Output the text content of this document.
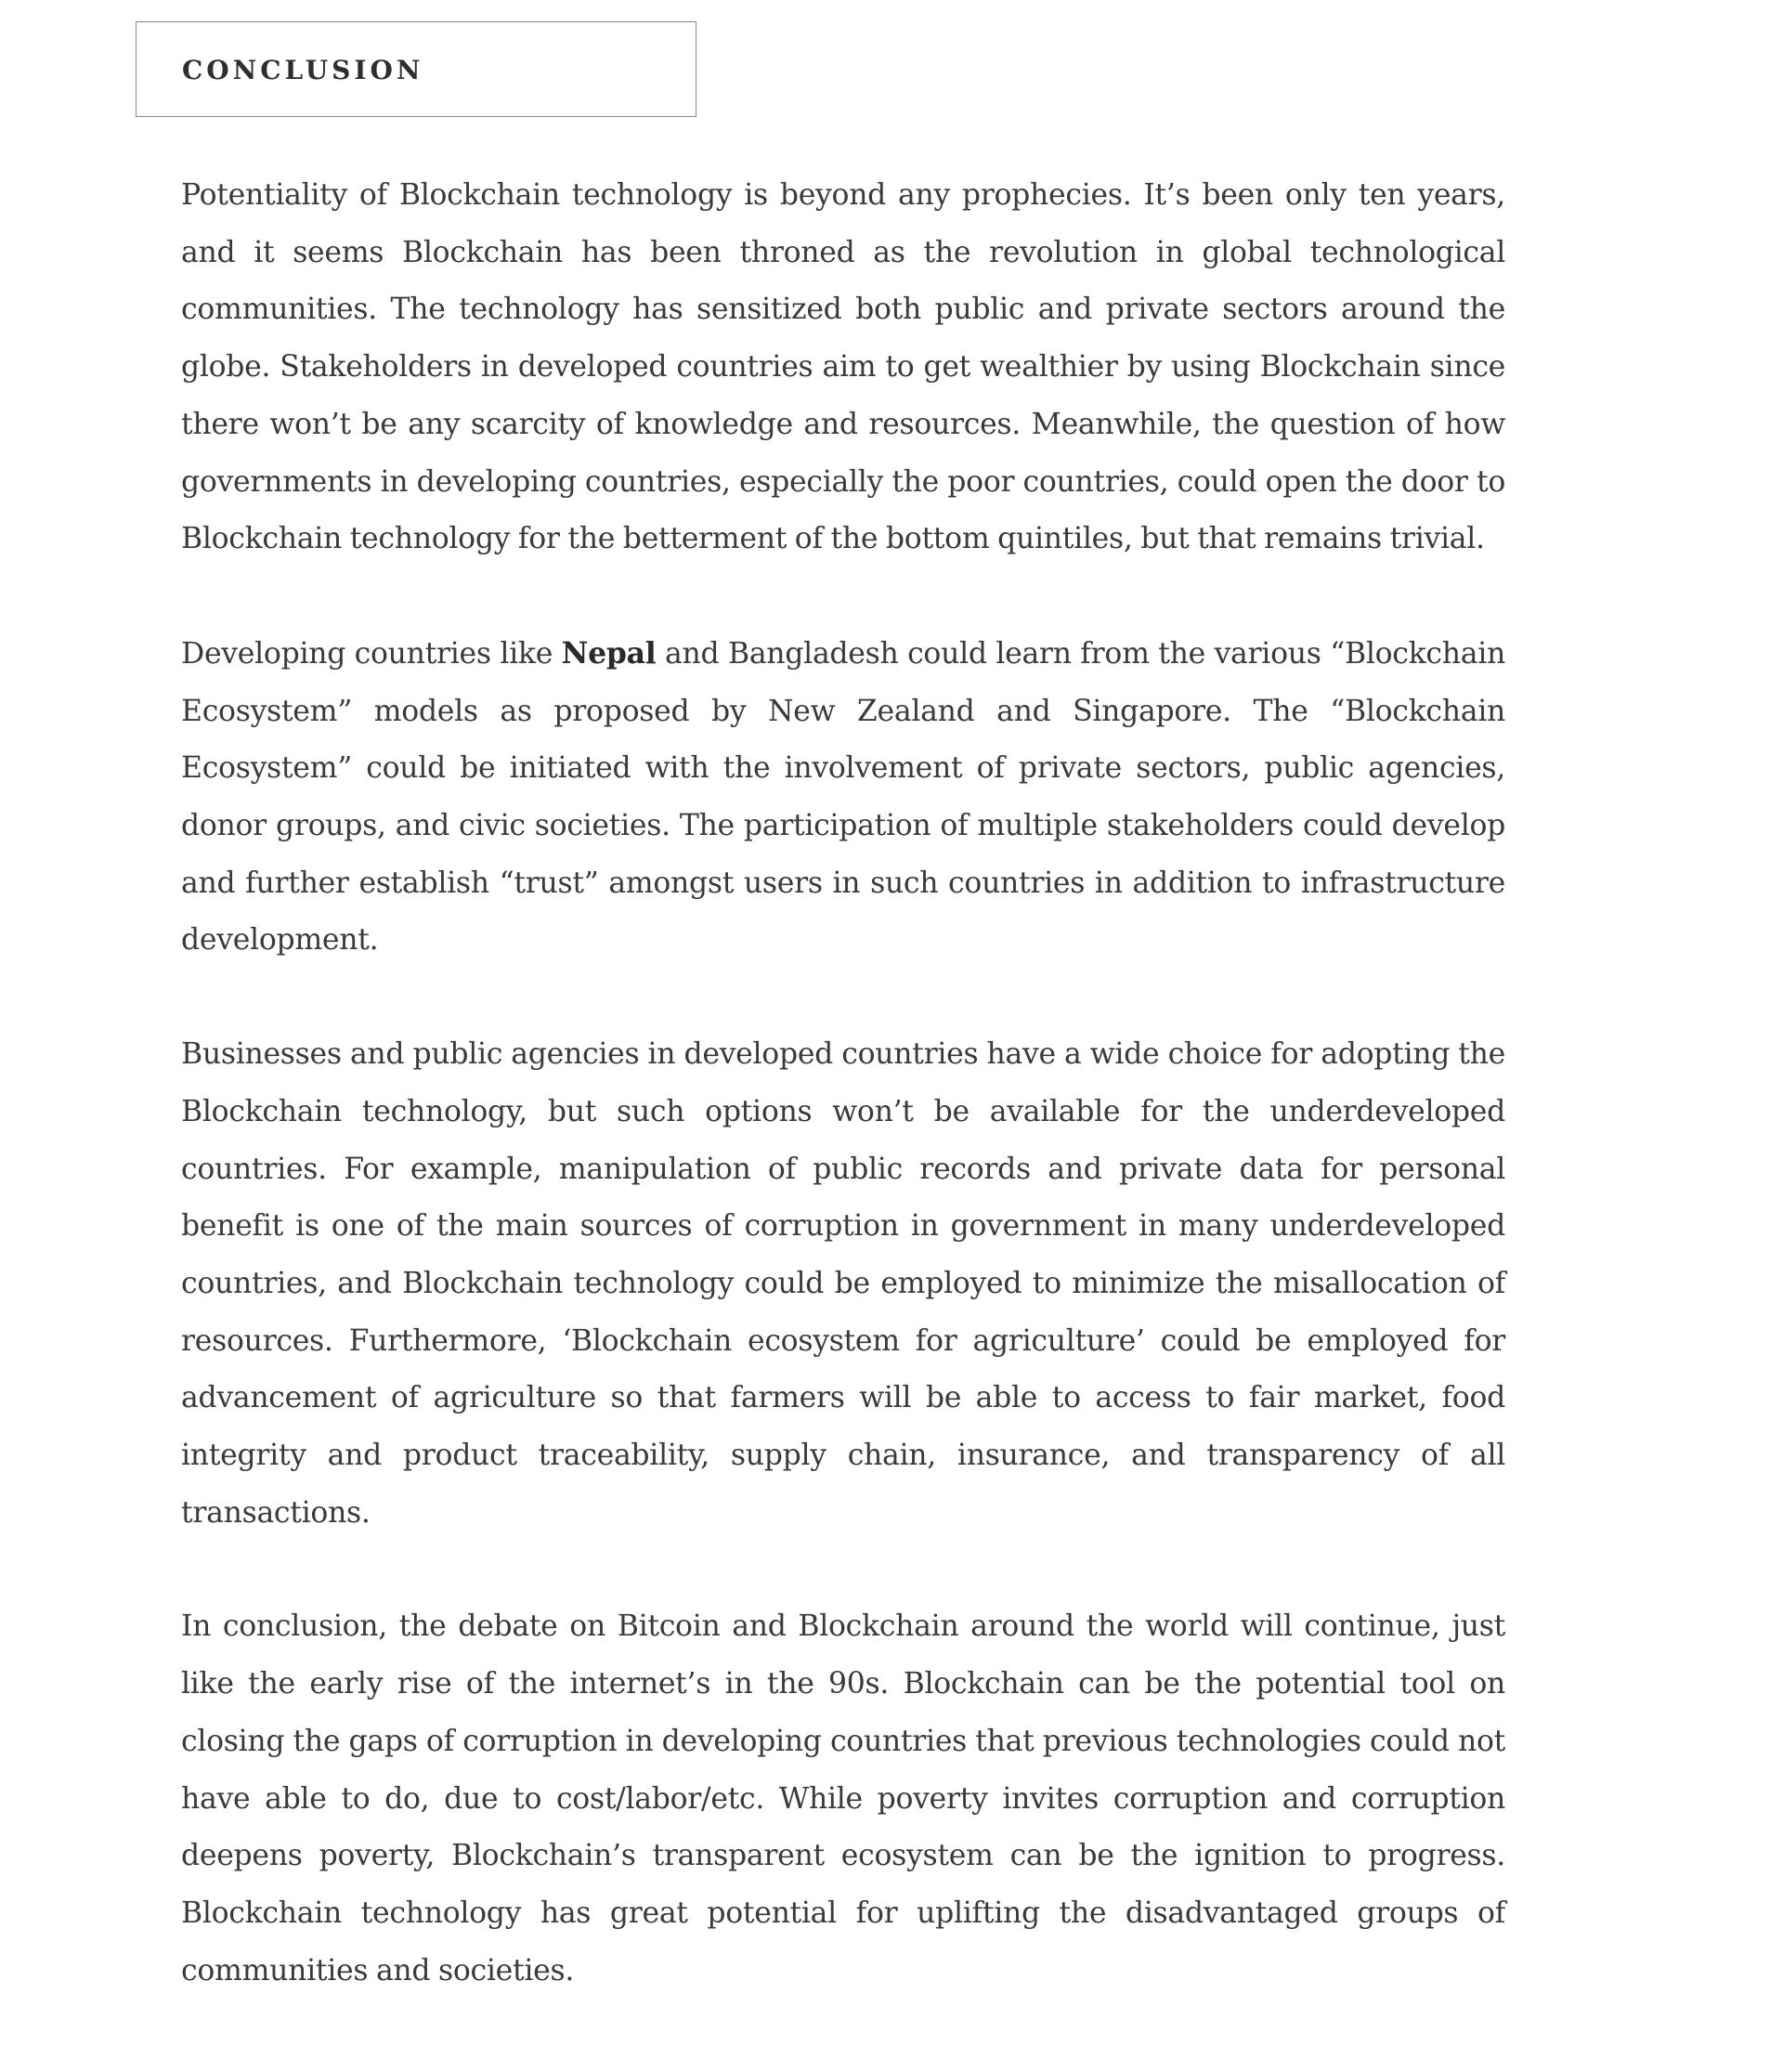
CONCLUSION

Potentiality of Blockchain technology is beyond any prophecies. It’s been only ten years, and it seems Blockchain has been throned as the revolution in global technological communities. The technology has sensitized both public and private sectors around the globe. Stakeholders in developed countries aim to get wealthier by using Blockchain since there won’t be any scarcity of knowledge and resources. Meanwhile, the question of how governments in developing countries, especially the poor countries, could open the door to Blockchain technology for the betterment of the bottom quintiles, but that remains trivial.

Developing countries like Nepal and Bangladesh could learn from the various “Blockchain Ecosystem” models as proposed by New Zealand and Singapore. The “Blockchain Ecosystem” could be initiated with the involvement of private sectors, public agencies, donor groups, and civic societies. The participation of multiple stakeholders could develop and further establish “trust” amongst users in such countries in addition to infrastructure development.

Businesses and public agencies in developed countries have a wide choice for adopting the Blockchain technology, but such options won’t be available for the underdeveloped countries. For example, manipulation of public records and private data for personal benefit is one of the main sources of corruption in government in many underdeveloped countries, and Blockchain technology could be employed to minimize the misallocation of resources. Furthermore, ‘Blockchain ecosystem for agriculture’ could be employed for advancement of agriculture so that farmers will be able to access to fair market, food integrity and product traceability, supply chain, insurance, and transparency of all transactions.

In conclusion, the debate on Bitcoin and Blockchain around the world will continue, just like the early rise of the internet’s in the 90s. Blockchain can be the potential tool on closing the gaps of corruption in developing countries that previous technologies could not have able to do, due to cost/labor/etc. While poverty invites corruption and corruption deepens poverty, Blockchain’s transparent ecosystem can be the ignition to progress. Blockchain technology has great potential for uplifting the disadvantaged groups of communities and societies.
